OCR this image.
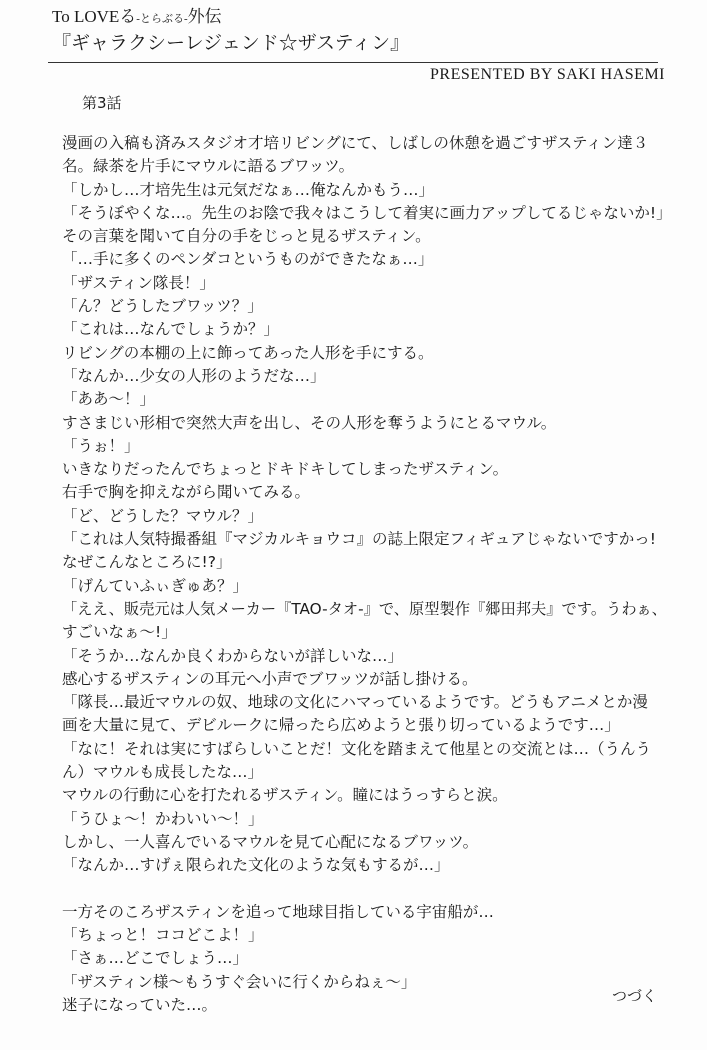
To LOVEる-とらぶる-外伝
『ギャラクシーレジェンド☆ザスティン』
PRESENTED BY SAKI HASEMI
第3話
漫画の入稿も済みスタジオ才培リビングにて、しばしの休憩を過ごすザスティン達３
名。緑茶を片手にマウルに語るブワッツ。
「しかし…才培先生は元気だなぁ…俺なんかもう…」
「そうぼやくな…。先生のお陰で我々はこうして着実に画力アップしてるじゃないか!」
その言葉を聞いて自分の手をじっと見るザスティン。
「…手に多くのペンダコというものができたなぁ…」
「ザスティン隊長！」
「ん？どうしたブワッツ？」
「これは…なんでしょうか？」
リビングの本棚の上に飾ってあった人形を手にする。
「なんか…少女の人形のようだな…」
「ああ～！」
すさまじい形相で突然大声を出し、その人形を奪うようにとるマウル。
「うぉ！」
いきなりだったんでちょっとドキドキしてしまったザスティン。
右手で胸を抑えながら聞いてみる。
「ど、どうした？マウル？」
「これは人気特撮番組『マジカルキョウコ』の誌上限定フィギュアじゃないですかっ!
なぜこんなところに!?」
「げんていふぃぎゅあ？」
「ええ、販売元は人気メーカー『TAO-タオ-』で、原型製作『郷田邦夫』です。うわぁ、
すごいなぁ～!」
「そうか…なんか良くわからないが詳しいな…」
感心するザスティンの耳元へ小声でブワッツが話し掛ける。
「隊長…最近マウルの奴、地球の文化にハマっているようです。どうもアニメとか漫
画を大量に見て、デビルークに帰ったら広めようと張り切っているようです…」
「なに！それは実にすばらしいことだ！文化を踏まえて他星との交流とは…（うんう
ん）マウルも成長したな…」
マウルの行動に心を打たれるザスティン。瞳にはうっすらと涙。
「うひょ～！かわいい～！」
しかし、一人喜んでいるマウルを見て心配になるブワッツ。
「なんか…すげぇ限られた文化のような気もするが…」
一方そのころザスティンを追って地球目指している宇宙船が…
「ちょっと！ココどこよ！」
「さぁ…どこでしょう…」
「ザスティン様～もうすぐ会いに行くからねぇ～」
迷子になっていた…。	つづく
